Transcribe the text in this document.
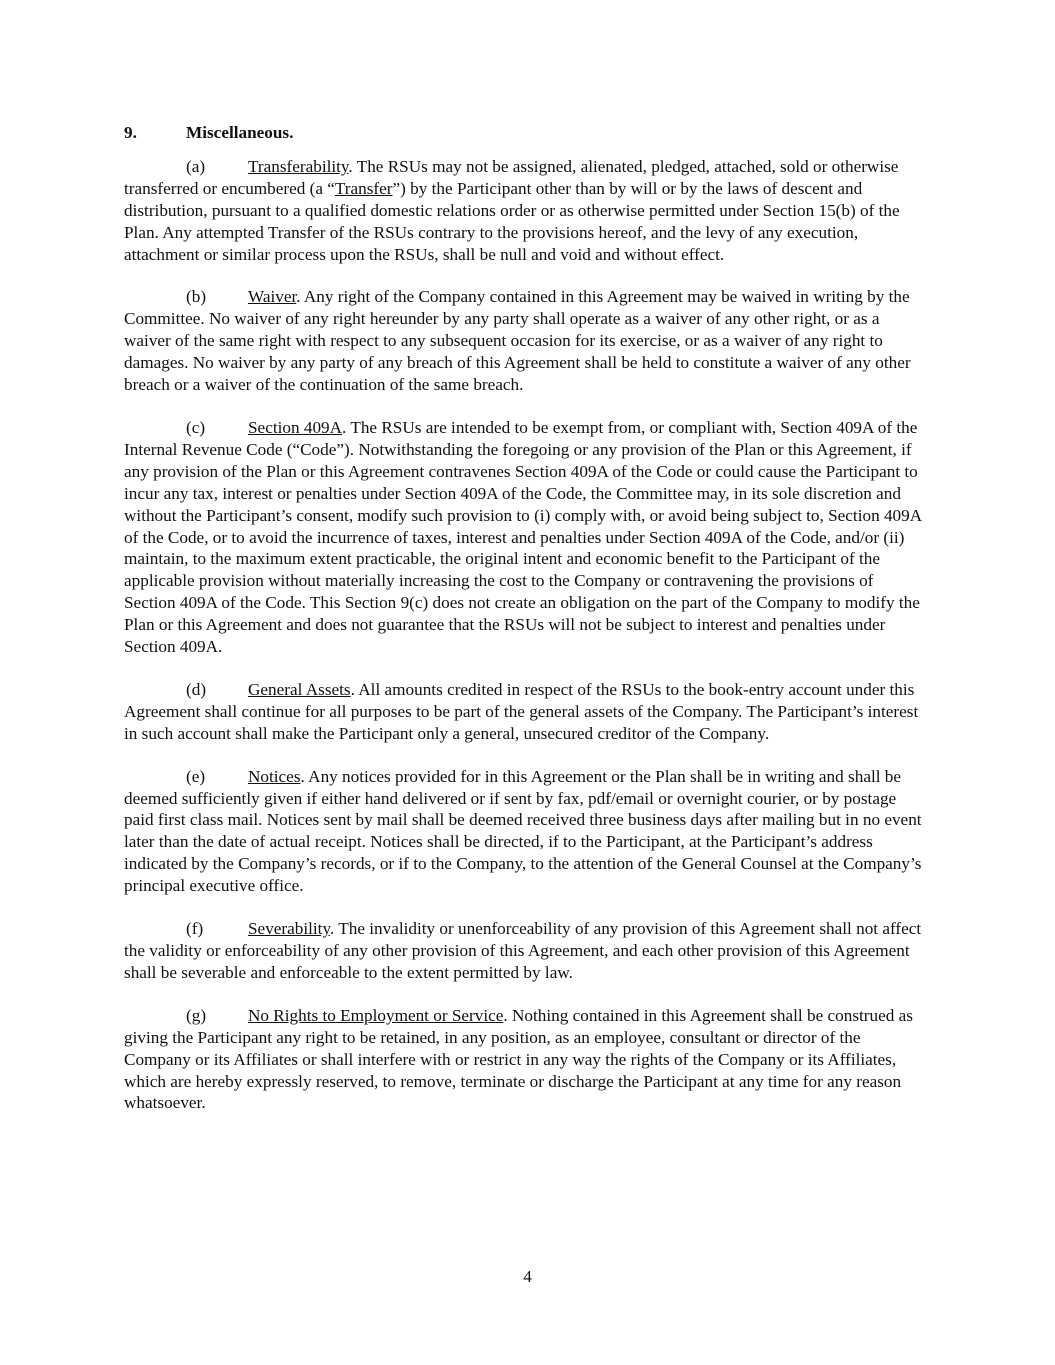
9.	Miscellaneous.

(a) Transferability. The RSUs may not be assigned, alienated, pledged, attached, sold or otherwise transferred or encumbered (a “Transfer”) by the Participant other than by will or by the laws of descent and distribution, pursuant to a qualified domestic relations order or as otherwise permitted under Section 15(b) of the Plan. Any attempted Transfer of the RSUs contrary to the provisions hereof, and the levy of any execution, attachment or similar process upon the RSUs, shall be null and void and without effect.

(b) Waiver. Any right of the Company contained in this Agreement may be waived in writing by the Committee. No waiver of any right hereunder by any party shall operate as a waiver of any other right, or as a waiver of the same right with respect to any subsequent occasion for its exercise, or as a waiver of any right to damages. No waiver by any party of any breach of this Agreement shall be held to constitute a waiver of any other breach or a waiver of the continuation of the same breach.

(c) Section 409A. The RSUs are intended to be exempt from, or compliant with, Section 409A of the Internal Revenue Code (“Code”). Notwithstanding the foregoing or any provision of the Plan or this Agreement, if any provision of the Plan or this Agreement contravenes Section 409A of the Code or could cause the Participant to incur any tax, interest or penalties under Section 409A of the Code, the Committee may, in its sole discretion and without the Participant’s consent, modify such provision to (i) comply with, or avoid being subject to, Section 409A of the Code, or to avoid the incurrence of taxes, interest and penalties under Section 409A of the Code, and/or (ii) maintain, to the maximum extent practicable, the original intent and economic benefit to the Participant of the applicable provision without materially increasing the cost to the Company or contravening the provisions of Section 409A of the Code. This Section 9(c) does not create an obligation on the part of the Company to modify the Plan or this Agreement and does not guarantee that the RSUs will not be subject to interest and penalties under Section 409A.

(d) General Assets. All amounts credited in respect of the RSUs to the book-entry account under this Agreement shall continue for all purposes to be part of the general assets of the Company. The Participant’s interest in such account shall make the Participant only a general, unsecured creditor of the Company.

(e) Notices. Any notices provided for in this Agreement or the Plan shall be in writing and shall be deemed sufficiently given if either hand delivered or if sent by fax, pdf/email or overnight courier, or by postage paid first class mail. Notices sent by mail shall be deemed received three business days after mailing but in no event later than the date of actual receipt. Notices shall be directed, if to the Participant, at the Participant’s address indicated by the Company’s records, or if to the Company, to the attention of the General Counsel at the Company’s principal executive office.

(f)	Severability. The invalidity or unenforceability of any provision of this Agreement shall not affect the validity or enforceability of any other provision of this Agreement, and each other provision of this Agreement shall be severable and enforceable to the extent permitted by law.

(g) No Rights to Employment or Service. Nothing contained in this Agreement shall be construed as giving the Participant any right to be retained, in any position, as an employee, consultant or director of the Company or its Affiliates or shall interfere with or restrict in any way the rights of the Company or its Affiliates, which are hereby expressly reserved, to remove, terminate or discharge the Participant at any time for any reason whatsoever.

4
